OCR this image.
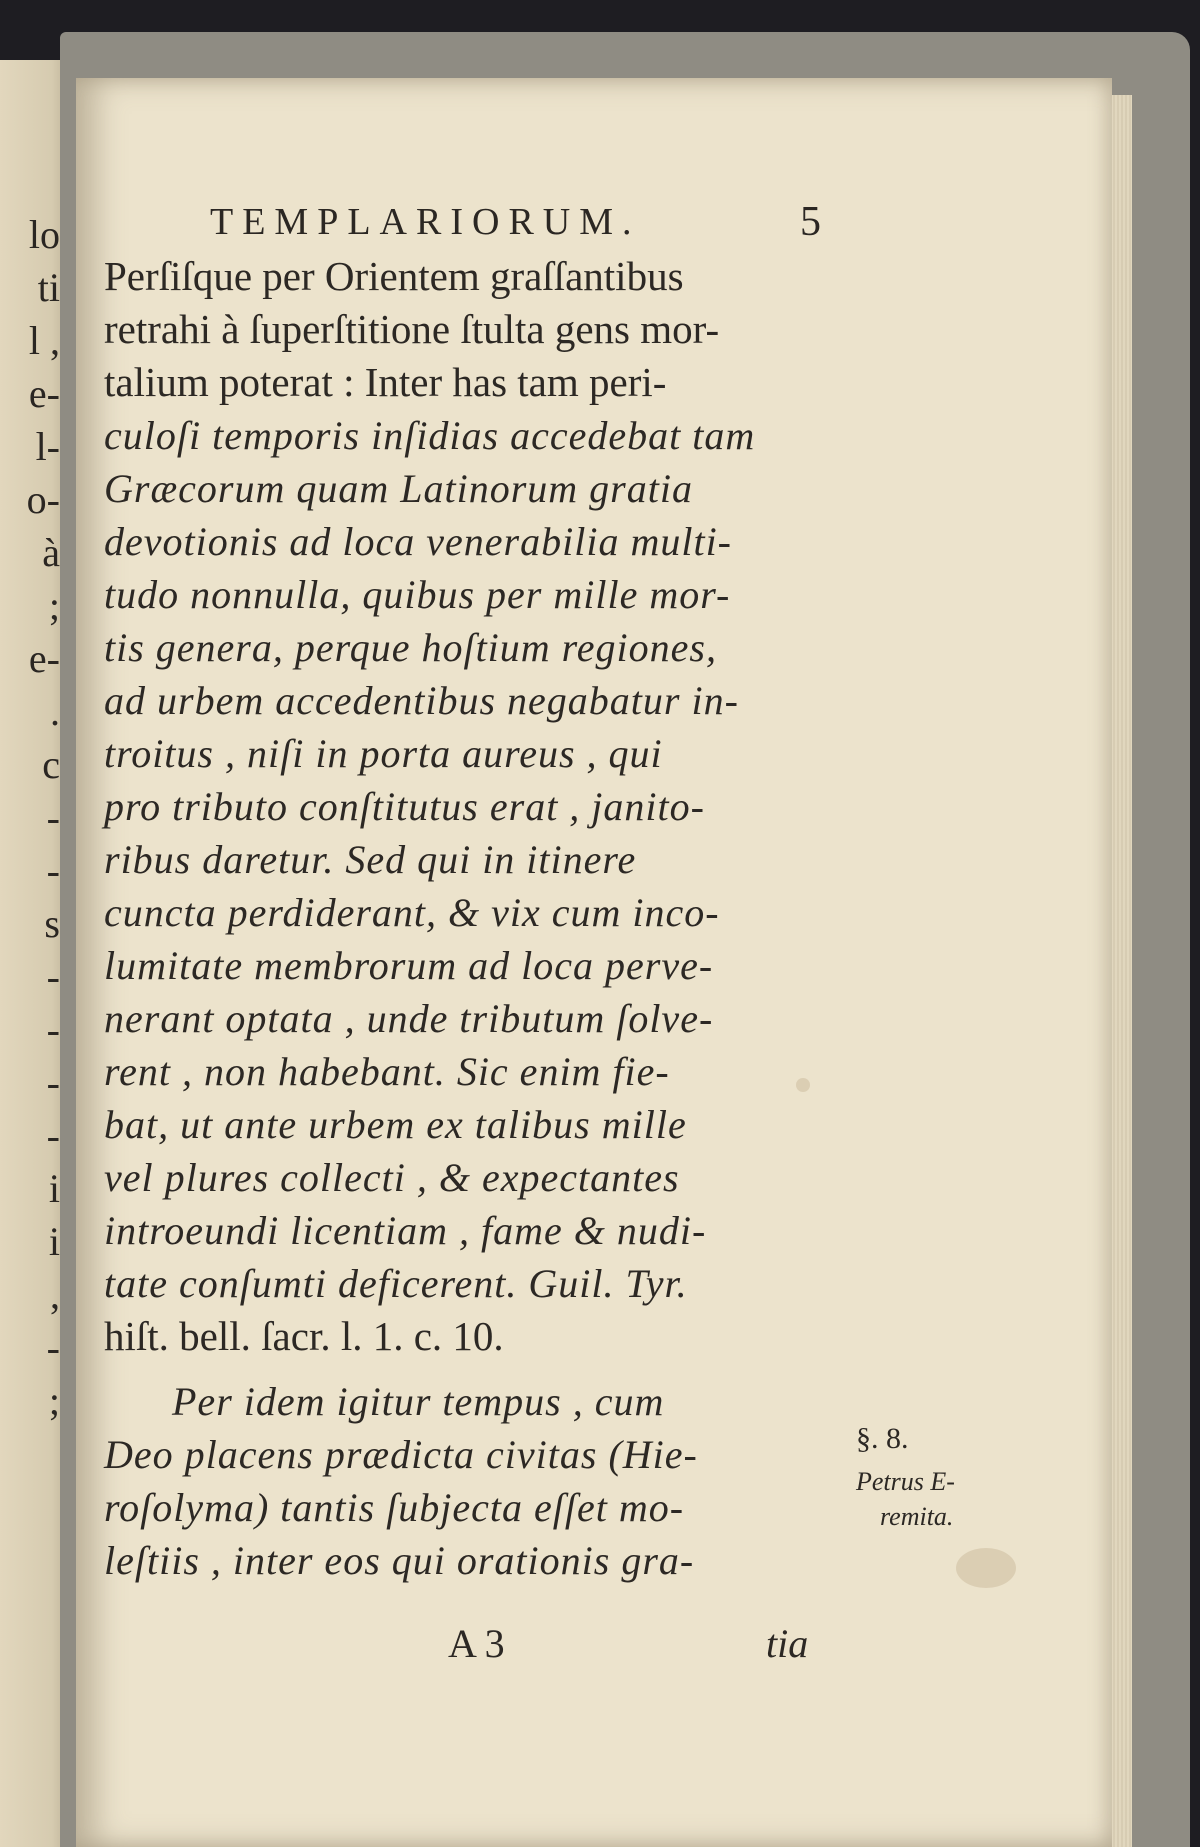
lo
ti
l ,
e-
l-
o-
à
;
e-
.
c
-
-
s
-
-
-
-
i
i
,
-
;
TEMPLARIORUM.	5
Perſiſque per Orientem graſſantibus
retrahi à ſuperſtitione ſtulta gens mor-
talium poterat : Inter has tam peri-
culoſi temporis inſidias accedebat tam
Græcorum quam Latinorum gratia
devotionis ad loca venerabilia multi-
tudo nonnulla, quibus per mille mor-
tis genera, perque hoſtium regiones,
ad urbem accedentibus negabatur in-
troitus , niſi in porta aureus , qui
pro tributo conſtitutus erat , janito-
ribus daretur. Sed qui in itinere
cuncta perdiderant, & vix cum inco-
lumitate membrorum ad loca perve-
nerant optata , unde tributum ſolve-
rent , non habebant. Sic enim fie-
bat, ut ante urbem ex talibus mille
vel plures collecti , & expectantes
introeundi licentiam , fame & nudi-
tate conſumti deficerent. Guil. Tyr.
hiſt. bell. ſacr. l. 1. c. 10.
Per idem igitur tempus , cum
Deo placens prædicta civitas (Hie-
roſolyma) tantis ſubjecta eſſet mo-
leſtiis , inter eos qui orationis gra-
§. 8.
Petrus E-
remita.
A 3	tia
